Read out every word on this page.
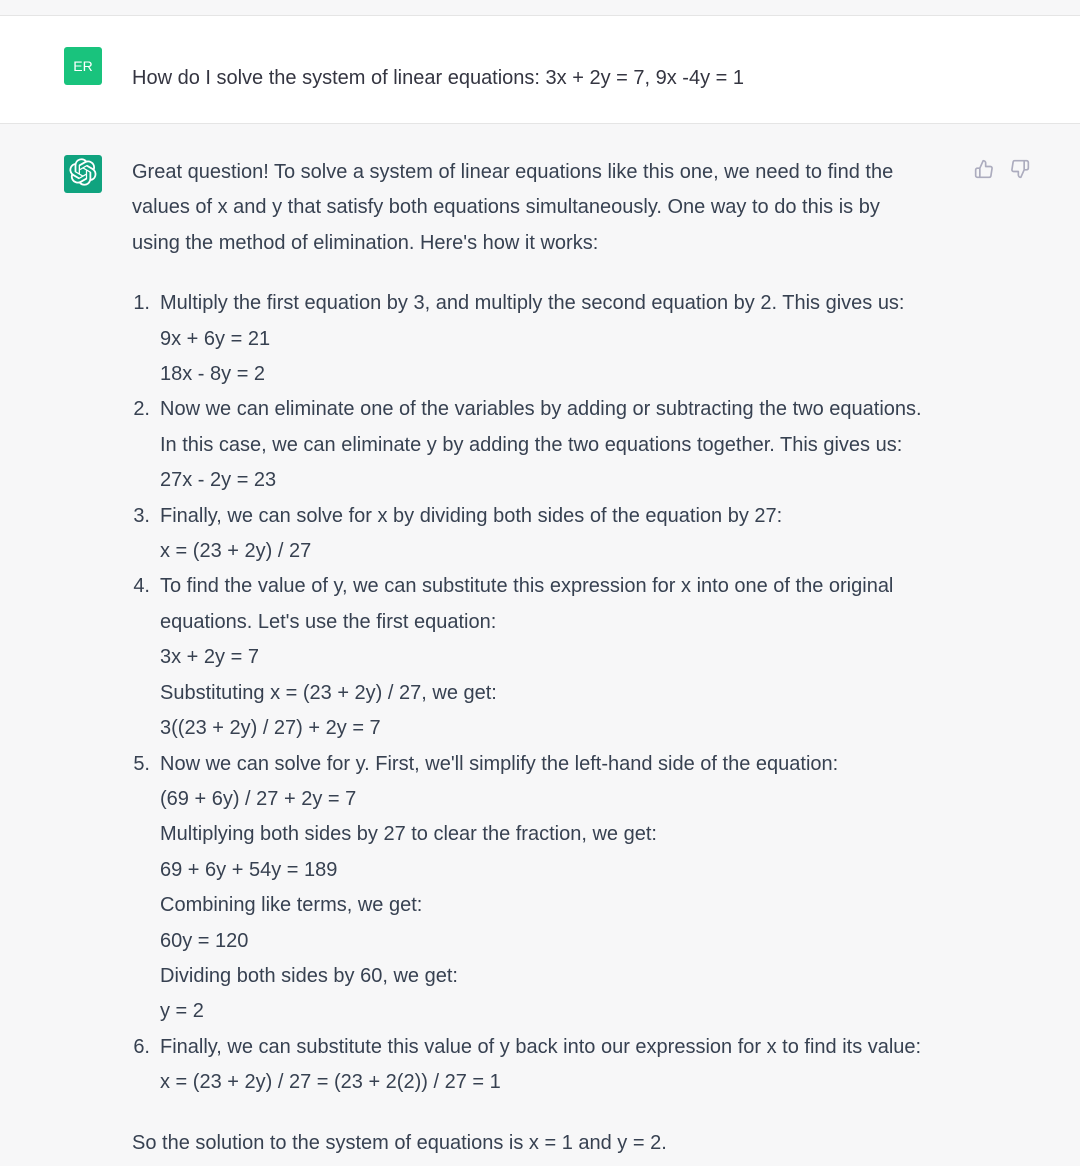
ER
How do I solve the system of linear equations: 3x + 2y = 7, 9x -4y = 1

Great question! To solve a system of linear equations like this one, we need to find the
values of x and y that satisfy both equations simultaneously. One way to do this is by
using the method of elimination. Here's how it works:

1. Multiply the first equation by 3, and multiply the second equation by 2. This gives us:
9x + 6y = 21
18x - 8y = 2
2. Now we can eliminate one of the variables by adding or subtracting the two equations.
In this case, we can eliminate y by adding the two equations together. This gives us:
27x - 2y = 23
3. Finally, we can solve for x by dividing both sides of the equation by 27:
x = (23 + 2y) / 27
4. To find the value of y, we can substitute this expression for x into one of the original
equations. Let's use the first equation:
3x + 2y = 7
Substituting x = (23 + 2y) / 27, we get:
3((23 + 2y) / 27) + 2y = 7
5. Now we can solve for y. First, we'll simplify the left-hand side of the equation:
(69 + 6y) / 27 + 2y = 7
Multiplying both sides by 27 to clear the fraction, we get:
69 + 6y + 54y = 189
Combining like terms, we get:
60y = 120
Dividing both sides by 60, we get:
y = 2
6. Finally, we can substitute this value of y back into our expression for x to find its value:
x = (23 + 2y) / 27 = (23 + 2(2)) / 27 = 1

So the solution to the system of equations is x = 1 and y = 2.
